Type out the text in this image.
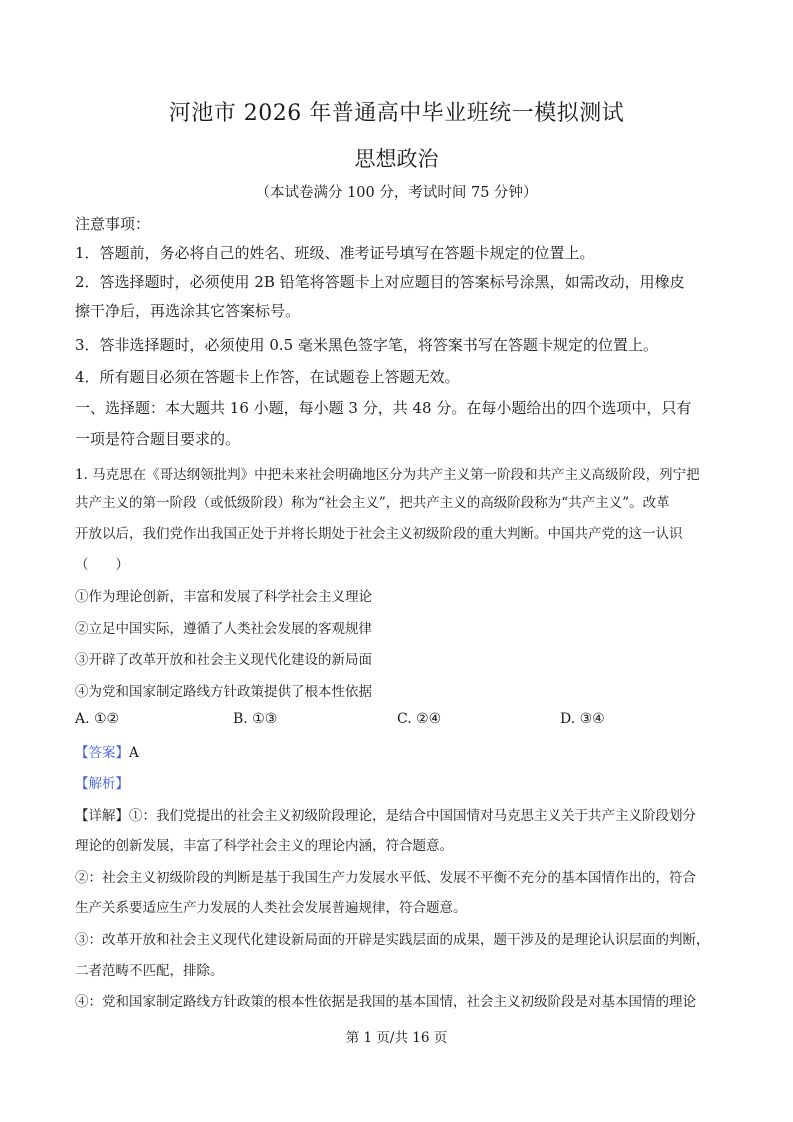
河池市 2026 年普通高中毕业班统一模拟测试
思想政治
（本试卷满分 100 分，考试时间 75 分钟）
注意事项：
1．答题前，务必将自己的姓名、班级、准考证号填写在答题卡规定的位置上。
2．答选择题时，必须使用 2B 铅笔将答题卡上对应题目的答案标号涂黑，如需改动，用橡皮
擦干净后，再选涂其它答案标号。
3．答非选择题时，必须使用 0.5 毫米黑色签字笔，将答案书写在答题卡规定的位置上。
4．所有题目必须在答题卡上作答，在试题卷上答题无效。
一、选择题：本大题共 16 小题，每小题 3 分，共 48 分。在每小题给出的四个选项中，只有
一项是符合题目要求的。
1. 马克思在《哥达纲领批判》中把未来社会明确地区分为共产主义第一阶段和共产主义高级阶段，列宁把
共产主义的第一阶段（或低级阶段）称为“社会主义”，把共产主义的高级阶段称为“共产主义”。改革
开放以后，我们党作出我国正处于并将长期处于社会主义初级阶段的重大判断。中国共产党的这一认识
（　　）
①作为理论创新，丰富和发展了科学社会主义理论
②立足中国实际，遵循了人类社会发展的客观规律
③开辟了改革开放和社会主义现代化建设的新局面
④为党和国家制定路线方针政策提供了根本性依据
A. ①②	B. ①③	C. ②④	D. ③④
【答案】A
【解析】
【详解】①：我们党提出的社会主义初级阶段理论，是结合中国国情对马克思主义关于共产主义阶段划分
理论的创新发展，丰富了科学社会主义的理论内涵，符合题意。
②：社会主义初级阶段的判断是基于我国生产力发展水平低、发展不平衡不充分的基本国情作出的，符合
生产关系要适应生产力发展的人类社会发展普遍规律，符合题意。
③：改革开放和社会主义现代化建设新局面的开辟是实践层面的成果，题干涉及的是理论认识层面的判断，
二者范畴不匹配，排除。
④：党和国家制定路线方针政策的根本性依据是我国的基本国情，社会主义初级阶段是对基本国情的理论
第 1 页/共 16 页
